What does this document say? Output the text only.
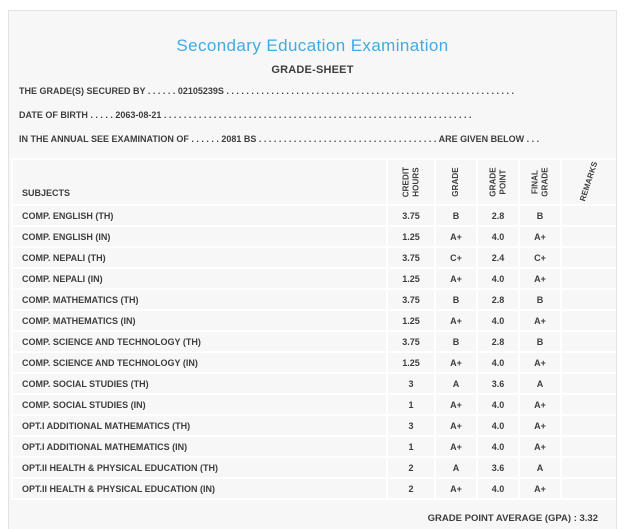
Secondary Education Examination
GRADE-SHEET
THE GRADE(S) SECURED BY . . . . . . 02105239S . . . . . . . . . . . . . . . . . . . . . . . . . . . . . . . . . . . . . . . . . . . . . . . . . . . . . . . . . .
DATE OF BIRTH . . . . . 2063-08-21 . . . . . . . . . . . . . . . . . . . . . . . . . . . . . . . . . . . . . . . . . . . . . . . . . . . . . . . . . . . . . .
IN THE ANNUAL SEE EXAMINATION OF . . . . . . 2081 BS . . . . . . . . . . . . . . . . . . . . . . . . . . . . . . . . . . . . ARE GIVEN BELOW . . .
SUBJECTS	CREDIT HOURS	GRADE	GRADE POINT	FINAL GRADE	REMARKS

COMP. ENGLISH (TH)	3.75	B	2.8	B	
COMP. ENGLISH (IN)	1.25	A+	4.0	A+	
COMP. NEPALI (TH)	3.75	C+	2.4	C+	
COMP. NEPALI (IN)	1.25	A+	4.0	A+	
COMP. MATHEMATICS (TH)	3.75	B	2.8	B	
COMP. MATHEMATICS (IN)	1.25	A+	4.0	A+	
COMP. SCIENCE AND TECHNOLOGY (TH)	3.75	B	2.8	B	
COMP. SCIENCE AND TECHNOLOGY (IN)	1.25	A+	4.0	A+	
COMP. SOCIAL STUDIES (TH)	3	A	3.6	A	
COMP. SOCIAL STUDIES (IN)	1	A+	4.0	A+	
OPT.I ADDITIONAL MATHEMATICS (TH)	3	A+	4.0	A+	
OPT.I ADDITIONAL MATHEMATICS (IN)	1	A+	4.0	A+	
OPT.II HEALTH & PHYSICAL EDUCATION (TH)	2	A	3.6	A	
OPT.II HEALTH & PHYSICAL EDUCATION (IN)	2	A+	4.0	A+	
GRADE POINT AVERAGE (GPA) : 3.32
